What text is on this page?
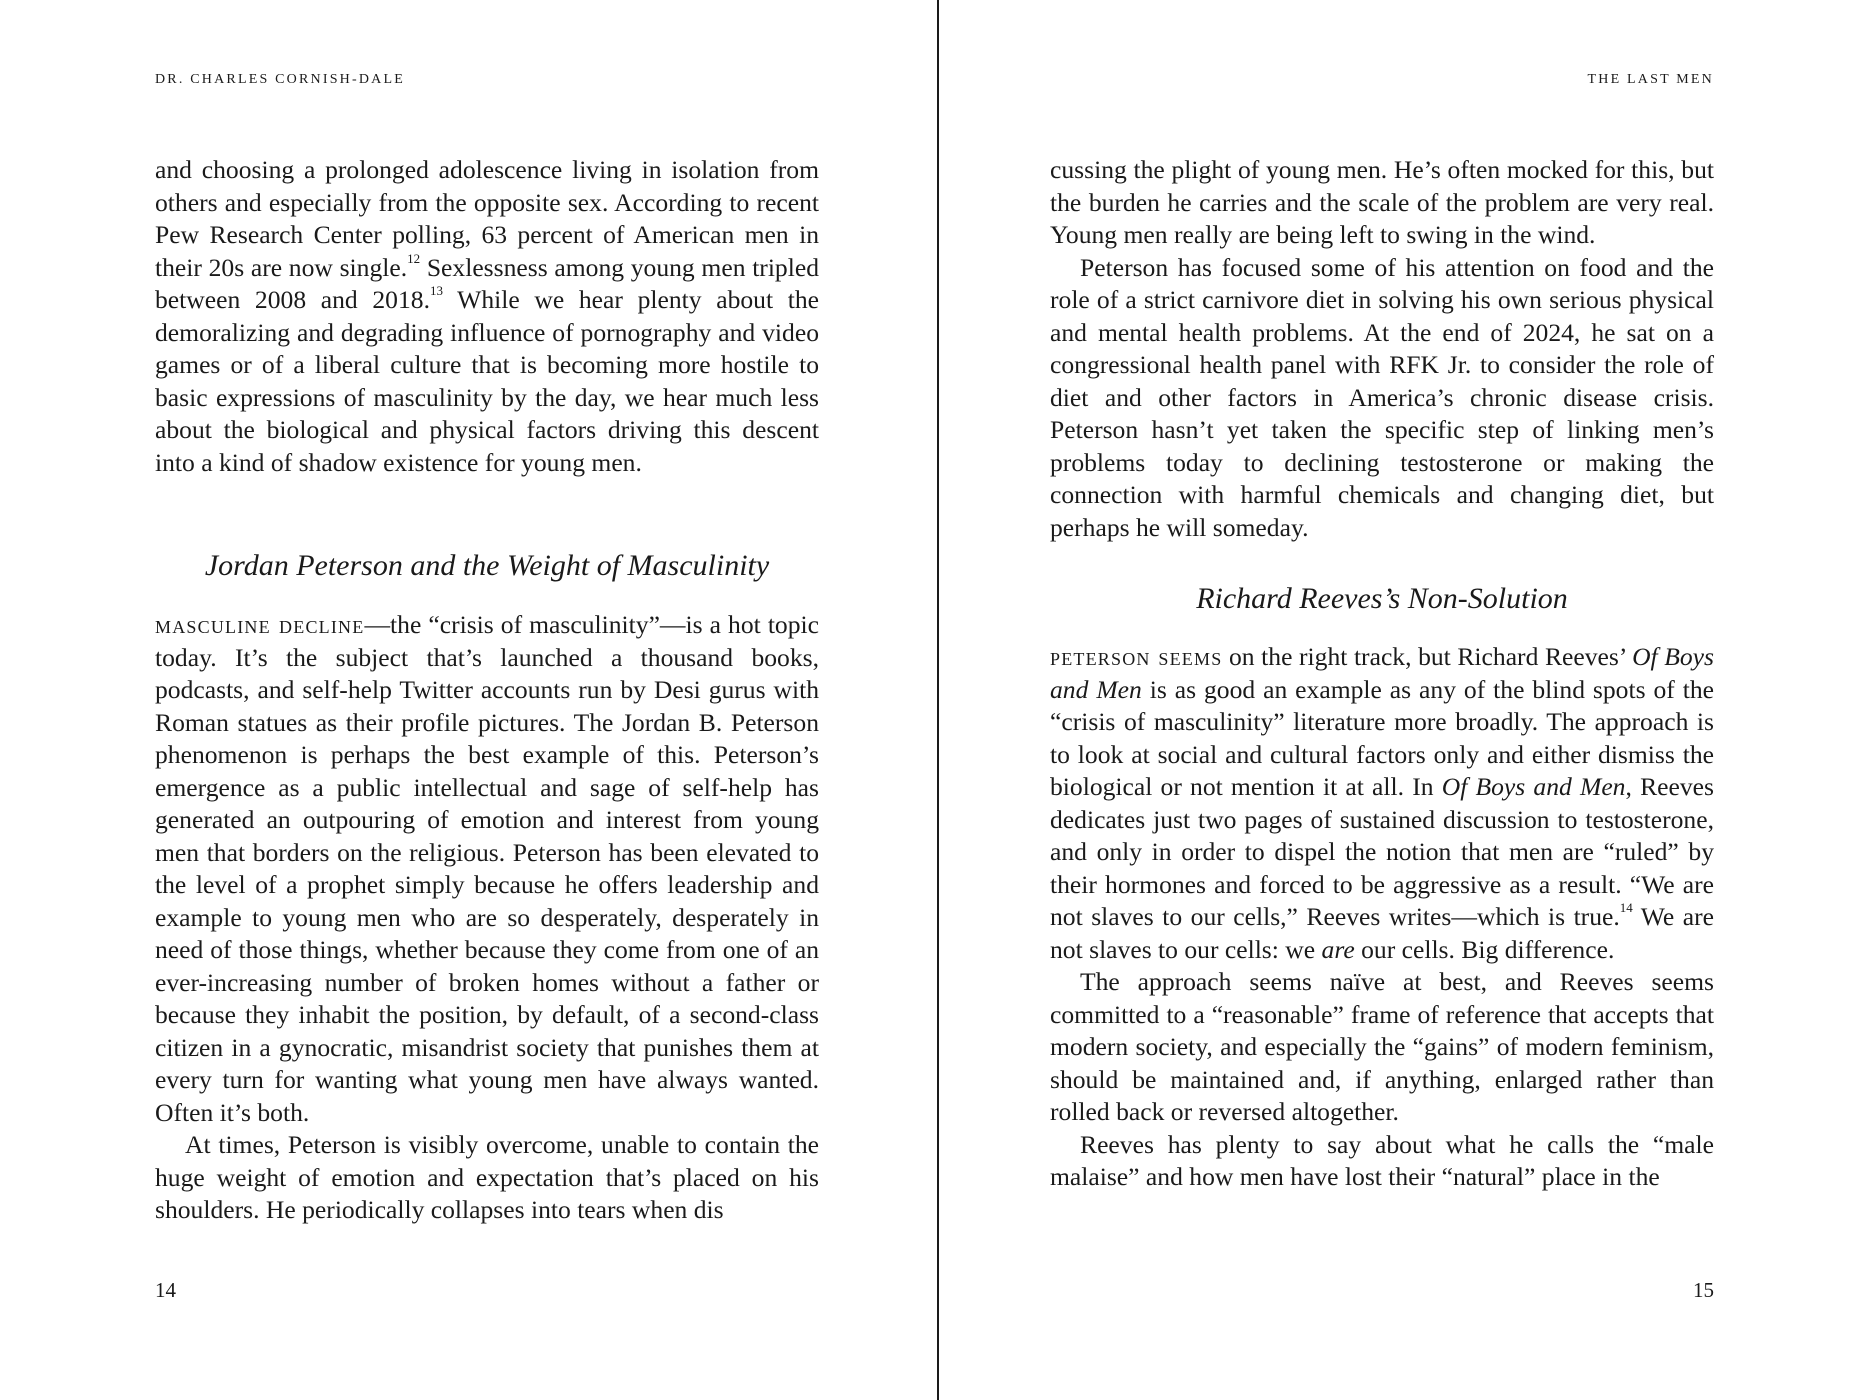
DR. CHARLES CORNISH-DALE

and choosing a prolonged adolescence living in isolation from others and especially from the opposite sex. According to recent Pew Research Center polling, 63 percent of American men in their 20s are now single.$^{12}$ Sexlessness among young men tripled between 2008 and 2018.13 While we hear plenty about the demoralizing and degrading influence of pornography and video games or of a liberal culture that is becoming more hostile to basic expressions of masculinity by the day, we hear much less about the biological and physical factors driving this descent into a kind of shadow existence for young men.

Jordan Peterson and the Weight of Masculinity

masculine decline—the “crisis of masculinity”—is a hot topic today. It’s the subject that’s launched a thousand books, podcasts, and self-help Twitter accounts run by Desi gurus with Roman statues as their profile pictures. The Jordan B. Peterson phenomenon is perhaps the best example of this. Peterson’s emergence as a public intellectual and sage of self-help has generated an outpouring of emotion and interest from young men that borders on the religious. Peterson has been elevated to the level of a prophet simply because he offers leadership and example to young men who are so desperately, desperately in need of those things, whether because they come from one of an ever-increasing number of broken homes without a father or because they inhabit the position, by default, of a second-class citizen in a gynocratic, misandrist society that punishes them at every turn for wanting what young men have always wanted. Often it’s both.

At times, Peterson is visibly overcome, unable to contain the huge weight of emotion and expectation that’s placed on his shoulders. He periodically collapses into tears when dis

14
THE LAST MEN

cussing the plight of young men. He’s often mocked for this, but the burden he carries and the scale of the problem are very real. Young men really are being left to swing in the wind.

Peterson has focused some of his attention on food and the role of a strict carnivore diet in solving his own serious physical and mental health problems. At the end of 2024, he sat on a congressional health panel with RFK Jr. to consider the role of diet and other factors in America’s chronic disease crisis. Peterson hasn’t yet taken the specific step of linking men’s problems today to declining testosterone or making the connection with harmful chemicals and changing diet, but perhaps he will someday.

Richard Reeves’s Non-Solution

peterson seems on the right track, but Richard Reeves’ Of Boys and Men is as good an example as any of the blind spots of the “crisis of masculinity” literature more broadly. The approach is to look at social and cultural factors only and either dismiss the biological or not mention it at all. In Of Boys and Men, Reeves dedicates just two pages of sustained discussion to testosterone, and only in order to dispel the notion that men are “ruled” by their hormones and forced to be aggressive as a result. “We are not slaves to our cells,” Reeves writes—which is true.$^{14}$ We are not slaves to our cells: we are our cells. Big difference.

The approach seems naïve at best, and Reeves seems committed to a “reasonable” frame of reference that accepts that modern society, and especially the “gains” of modern feminism, should be maintained and, if anything, enlarged rather than rolled back or reversed altogether.

Reeves has plenty to say about what he calls the “male malaise” and how men have lost their “natural” place in the

15
